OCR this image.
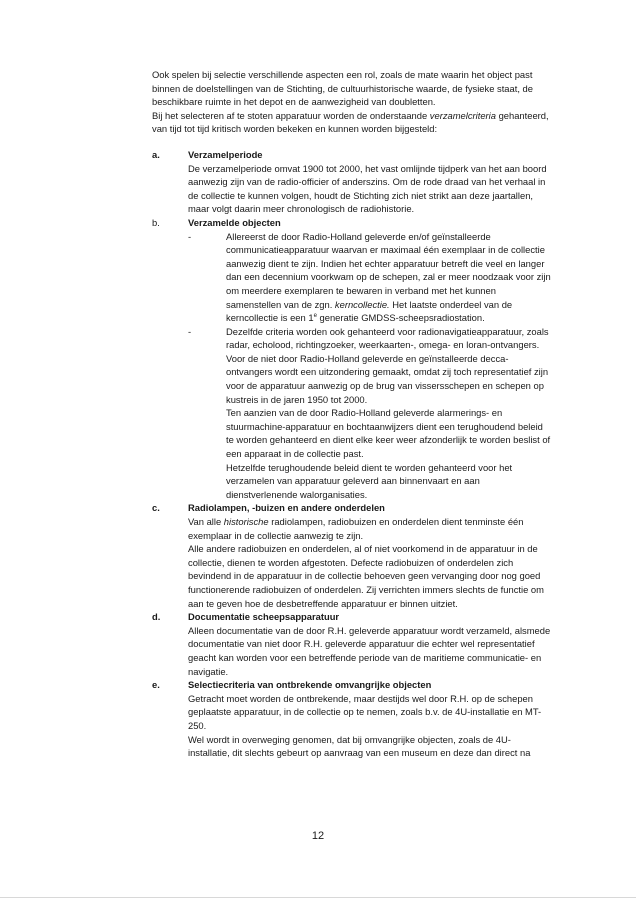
Ook spelen bij selectie verschillende aspecten een rol, zoals de mate waarin het object past binnen de doelstellingen van de Stichting, de cultuurhistorische waarde, de fysieke staat, de beschikbare ruimte in het depot en de aanwezigheid van doubletten.

Bij het selecteren af te stoten apparatuur worden de onderstaande verzamelcriteria gehanteerd, van tijd tot tijd kritisch worden bekeken en kunnen worden bijgesteld:

a.	Verzamelperiode

De verzamelperiode omvat 1900 tot 2000, het vast omlijnde tijdperk van het aan boord aanwezig zijn van de radio-officier of anderszins. Om de rode draad van het verhaal in de collectie te kunnen volgen, houdt de Stichting zich niet strikt aan deze jaartallen, maar volgt daarin meer chronologisch de radiohistorie.

b.	Verzamelde objecten

-	Allereerst de door Radio-Holland geleverde en/of geïnstalleerde communicatieapparatuur waarvan er maximaal één exemplaar in de collectie aanwezig dient te zijn. Indien het echter apparatuur betreft die veel en langer dan een decennium voorkwam op de schepen, zal er meer noodzaak voor zijn om meerdere exemplaren te bewaren in verband met het kunnen samenstellen van de zgn. kerncollectie. Het laatste onderdeel van de kerncollectie is een 1e generatie GMDSS-scheepsradiostation.

-	Dezelfde criteria worden ook gehanteerd voor radionavigatieapparatuur, zoals radar, echolood, richtingzoeker, weerkaarten-, omega- en loran-ontvangers.

Voor de niet door Radio-Holland geleverde en geïnstalleerde decca-ontvangers wordt een uitzondering gemaakt, omdat zij toch representatief zijn voor de apparatuur aanwezig op de brug van vissersschepen en schepen op kustreis in de jaren 1950 tot 2000.

Ten aanzien van de door Radio-Holland geleverde alarmerings- en stuurmachine-apparatuur en bochtaanwijzers dient een terughoudend beleid te worden gehanteerd en dient elke keer weer afzonderlijk te worden beslist of een apparaat in de collectie past.

Hetzelfde terughoudende beleid dient te worden gehanteerd voor het verzamelen van apparatuur geleverd aan binnenvaart en aan dienstverlenende walorganisaties.

c.	Radiolampen, -buizen en andere onderdelen

Van alle historische radiolampen, radiobuizen en onderdelen dient tenminste één exemplaar in de collectie aanwezig te zijn.

Alle andere radiobuizen en onderdelen, al of niet voorkomend in de apparatuur in de collectie, dienen te worden afgestoten. Defecte radiobuizen of onderdelen zich bevindend in de apparatuur in de collectie behoeven geen vervanging door nog goed functionerende radiobuizen of onderdelen. Zij verrichten immers slechts de functie om aan te geven hoe de desbetreffende apparatuur er binnen uitziet.

d.	Documentatie scheepsapparatuur

Alleen documentatie van de door R.H. geleverde apparatuur wordt verzameld, alsmede documentatie van niet door R.H. geleverde apparatuur die echter wel representatief geacht kan worden voor een betreffende periode van de maritieme communicatie- en navigatie.

e.	Selectiecriteria van ontbrekende omvangrijke objecten

Getracht moet worden de ontbrekende, maar destijds wel door R.H. op de schepen geplaatste apparatuur, in de collectie op te nemen, zoals b.v. de 4U-installatie en MT-250.

Wel wordt in overweging genomen, dat bij omvangrijke objecten, zoals de 4U-installatie, dit slechts gebeurt op aanvraag van een museum en deze dan direct na

12
